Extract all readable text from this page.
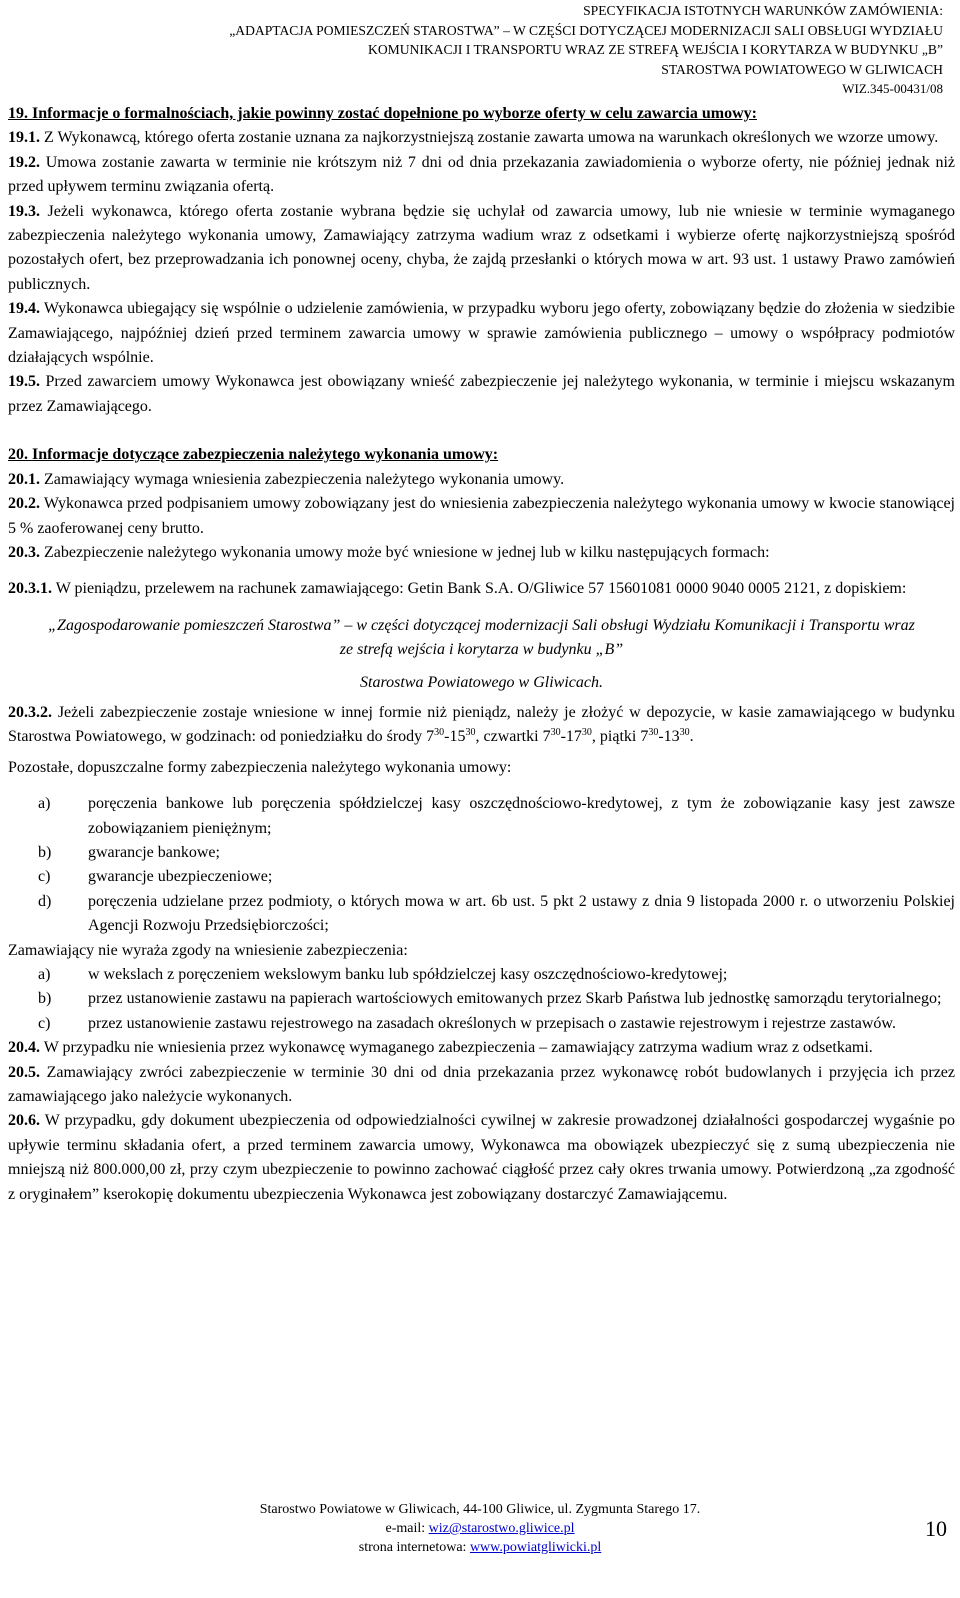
SPECYFIKACJA ISTOTNYCH WARUNKÓW ZAMÓWIENIA:
„ADAPTACJA POMIESZCZEŃ STAROSTWA” – W CZĘŚCI DOTYCZĄCEJ MODERNIZACJI SALI OBSŁUGI WYDZIAŁU
KOMUNIKACJI I TRANSPORTU WRAZ ZE STREFĄ WEJŚCIA I KORYTARZA W BUDYNKU „B”
STAROSTWA POWIATOWEGO W GLIWICACH
WIZ.345-00431/08

19. Informacje o formalnościach, jakie powinny zostać dopełnione po wyborze oferty w celu zawarcia umowy:

19.1. Z Wykonawcą, którego oferta zostanie uznana za najkorzystniejszą zostanie zawarta umowa na warunkach określonych we wzorze umowy.

19.2. Umowa zostanie zawarta w terminie nie krótszym niż 7 dni od dnia przekazania zawiadomienia o wyborze oferty, nie później jednak niż przed upływem terminu związania ofertą.

19.3. Jeżeli wykonawca, którego oferta zostanie wybrana będzie się uchylał od zawarcia umowy, lub nie wniesie w terminie wymaganego zabezpieczenia należytego wykonania umowy, Zamawiający zatrzyma wadium wraz z odsetkami i wybierze ofertę najkorzystniejszą spośród pozostałych ofert, bez przeprowadzania ich ponownej oceny, chyba, że zajdą przesłanki o których mowa w art. 93 ust. 1 ustawy Prawo zamówień publicznych.

19.4. Wykonawca ubiegający się wspólnie o udzielenie zamówienia, w przypadku wyboru jego oferty, zobowiązany będzie do złożenia w siedzibie Zamawiającego, najpóźniej dzień przed terminem zawarcia umowy w sprawie zamówienia publicznego – umowy o współpracy podmiotów działających wspólnie.

19.5. Przed zawarciem umowy Wykonawca jest obowiązany wnieść zabezpieczenie jej należytego wykonania, w terminie i miejscu wskazanym przez Zamawiającego.

20. Informacje dotyczące zabezpieczenia należytego wykonania umowy:

20.1. Zamawiający wymaga wniesienia zabezpieczenia należytego wykonania umowy.

20.2. Wykonawca przed podpisaniem umowy zobowiązany jest do wniesienia zabezpieczenia należytego wykonania umowy w kwocie stanowiącej 5 % zaoferowanej ceny brutto.

20.3. Zabezpieczenie należytego wykonania umowy może być wniesione w jednej lub w kilku następujących formach:

20.3.1. W pieniądzu, przelewem na rachunek zamawiającego: Getin Bank S.A. O/Gliwice 57 15601081 0000 9040 0005 2121, z dopiskiem:

„Zagospodarowanie pomieszczeń Starostwa” – w części dotyczącej modernizacji Sali obsługi Wydziału Komunikacji i Transportu wraz ze strefą wejścia i korytarza w budynku „B”

Starostwa Powiatowego w Gliwicach.

20.3.2. Jeżeli zabezpieczenie zostaje wniesione w innej formie niż pieniądz, należy je złożyć w depozycie, w kasie zamawiającego w budynku Starostwa Powiatowego, w godzinach: od poniedziałku do środy $7^{30}-15^{30}$, czwartki $7^{30}-17^{30}$, piątki $7^{30}-13^{30}$.

Pozostałe, dopuszczalne formy zabezpieczenia należytego wykonania umowy:

a)	poręczenia bankowe lub poręczenia spółdzielczej kasy oszczędnościowo-kredytowej, z tym że zobowiązanie kasy jest zawsze zobowiązaniem pieniężnym;
b)	gwarancje bankowe;
c)	gwarancje ubezpieczeniowe;
d)	poręczenia udzielane przez podmioty, o których mowa w art. 6b ust. 5 pkt 2 ustawy z dnia 9 listopada 2000 r. o utworzeniu Polskiej Agencji Rozwoju Przedsiębiorczości;

Zamawiający nie wyraża zgody na wniesienie zabezpieczenia:

a)	w wekslach z poręczeniem wekslowym banku lub spółdzielczej kasy oszczędnościowo-kredytowej;
b)	przez ustanowienie zastawu na papierach wartościowych emitowanych przez Skarb Państwa lub jednostkę samorządu terytorialnego;
c)	przez ustanowienie zastawu rejestrowego na zasadach określonych w przepisach o zastawie rejestrowym i rejestrze zastawów.

20.4. W przypadku nie wniesienia przez wykonawcę wymaganego zabezpieczenia – zamawiający zatrzyma wadium wraz z odsetkami.

20.5. Zamawiający zwróci zabezpieczenie w terminie 30 dni od dnia przekazania przez wykonawcę robót budowlanych i przyjęcia ich przez zamawiającego jako należycie wykonanych.

20.6. W przypadku, gdy dokument ubezpieczenia od odpowiedzialności cywilnej w zakresie prowadzonej działalności gospodarczej wygaśnie po upływie terminu składania ofert, a przed terminem zawarcia umowy, Wykonawca ma obowiązek ubezpieczyć się z sumą ubezpieczenia nie mniejszą niż 800.000,00 zł, przy czym ubezpieczenie to powinno zachować ciągłość przez cały okres trwania umowy. Potwierdzoną „za zgodność z oryginałem” kserokopię dokumentu ubezpieczenia Wykonawca jest zobowiązany dostarczyć Zamawiającemu.

Starostwo Powiatowe w Gliwicach, 44-100 Gliwice, ul. Zygmunta Starego 17.
e-mail: wiz@starostwo.gliwice.pl
strona internetowa: www.powiatgliwicki.pl
10
